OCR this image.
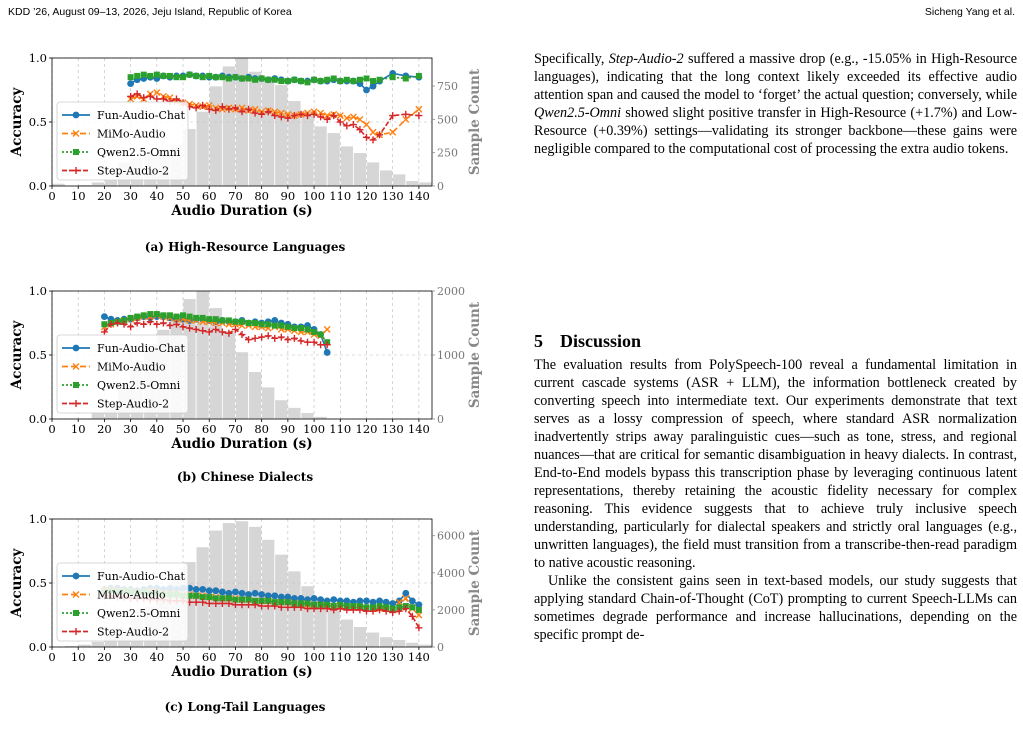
KDD ’26, August 09–13, 2026, Jeju Island, Republic of Korea	Sicheng Yang et al.
0 10 20 30 40 50 60 70 80 90 100 110 120 130 140
0.0
0.5
1.0
0
250
500
750
Audio Duration (s)
Accuracy	Sample Count
Fun-Audio-Chat
MiMo-Audio
Qwen2.5-Omni
Step-Audio-2
(a) High-Resource Languages
0 10 20 30 40 50 60 70 80 90 100 110 120 130 140
0.0
0.5
1.0
0
1000
2000
Audio Duration (s)
Accuracy	Sample Count
Fun-Audio-Chat
MiMo-Audio
Qwen2.5-Omni
Step-Audio-2
(b) Chinese Dialects
0 10 20 30 40 50 60 70 80 90 100 110 120 130 140
0.0
0.5
1.0
0
2000
4000
6000
Audio Duration (s)
Accuracy	Sample Count
Fun-Audio-Chat
MiMo-Audio
Qwen2.5-Omni
Step-Audio-2
(c) Long-Tail Languages

Specifically, Step-Audio-2 suffered a massive drop (e.g., -15.05% in High-Resource languages), indicating that the long context likely exceeded its effective audio attention span and caused the model to ‘forget’ the actual question; conversely, while Qwen2.5-Omni showed slight positive transfer in High-Resource (+1.7%) and Low-Resource (+0.39%) settings—validating its stronger backbone—these gains were negligible compared to the computational cost of processing the extra audio tokens.

5 Discussion

The evaluation results from PolySpeech-100 reveal a fundamental limitation in current cascade systems (ASR + LLM), the information bottleneck created by converting speech into intermediate text. Our experiments demonstrate that text serves as a lossy compression of speech, where standard ASR normalization inadvertently strips away paralinguistic cues—such as tone, stress, and regional nuances—that are critical for semantic disambiguation in heavy dialects. In contrast, End-to-End models bypass this transcription phase by leveraging continuous latent representations, thereby retaining the acoustic fidelity necessary for complex reasoning. This evidence suggests that to achieve truly inclusive speech understanding, particularly for dialectal speakers and strictly oral languages (e.g., unwritten languages), the field must transition from a transcribe-then-read paradigm to native acoustic reasoning.

Unlike the consistent gains seen in text-based models, our study suggests that applying standard Chain-of-Thought (CoT) prompting to current Speech-LLMs can sometimes degrade performance and increase hallucinations, depending on the specific prompt de-
